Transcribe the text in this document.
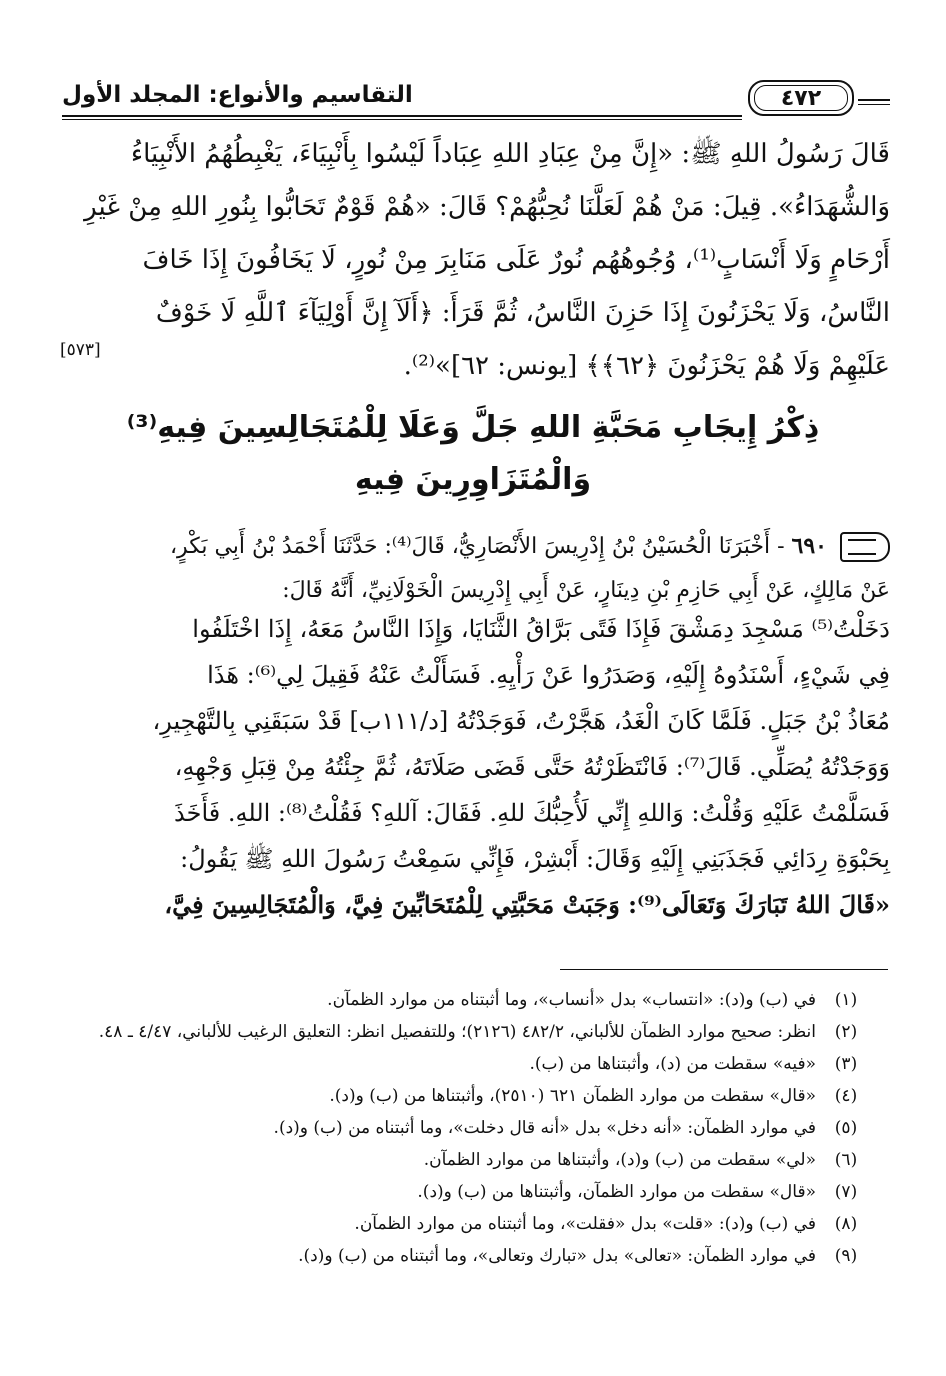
التقاسيم والأنواع: المجلد الأول	٤٧٢
قَالَ رَسُولُ اللهِ ﷺ: «إِنَّ مِنْ عِبَادِ اللهِ عِبَاداً لَيْسُوا بِأَنْبِيَاءَ، يَغْبِطُهُمُ الأَنْبِيَاءُ
وَالشُّهَدَاءُ». قِيلَ: مَنْ هُمْ لَعَلَّنَا نُحِبُّهُمْ؟ قَالَ: «هُمْ قَوْمٌ تَحَابُّوا بِنُورِ اللهِ مِنْ غَيْرِ
أَرْحَامٍ وَلَا أَنْسَابٍ⁽¹⁾، وُجُوهُهُم نُورٌ عَلَى مَنَابِرَ مِنْ نُورٍ، لَا يَخَافُونَ إِذَا خَافَ
النَّاسُ، وَلَا يَحْزَنُونَ إِذَا حَزِنَ النَّاسُ، ثُمَّ قَرَأَ: ﴿أَلَآ إِنَّ أَوْلِيَآءَ ٱللَّهِ لَا خَوْفٌ
عَلَيْهِمْ وَلَا هُمْ يَحْزَنُونَ ﴿٦٢﴾﴾ [يونس: ٦٢]»⁽²⁾.
[٥٧٣]
ذِكْرُ إِيجَابِ مَحَبَّةِ اللهِ جَلَّ وَعَلَا لِلْمُتَجَالِسِينَ فِيهِ⁽³⁾
وَالْمُتَزَاوِرِينَ فِيهِ
٦٩٠ - أَخْبَرَنَا الْحُسَيْنُ بْنُ إِدْرِيسَ الأَنْصَارِيُّ، قَالَ⁽⁴⁾: حَدَّثَنَا أَحْمَدُ بْنُ أَبِي بَكْرٍ،
عَنْ مَالِكٍ، عَنْ أَبِي حَازِمِ بْنِ دِينَارٍ، عَنْ أَبِي إِدْرِيسَ الْخَوْلَانِيِّ، أَنَّهُ قَالَ:
دَخَلْتُ⁽⁵⁾ مَسْجِدَ دِمَشْقَ فَإِذَا فَتًى بَرَّاقُ الثَّنَايَا، وَإِذَا النَّاسُ مَعَهُ، إِذَا اخْتَلَفُوا
فِي شَيْءٍ، أَسْنَدُوهُ إِلَيْهِ، وَصَدَرُوا عَنْ رَأْيِهِ. فَسَأَلْتُ عَنْهُ فَقِيلَ لِي⁽⁶⁾: هَذَا
مُعَاذُ بْنُ جَبَلٍ. فَلَمَّا كَانَ الْغَدُ، هَجَّرْتُ، فَوَجَدْتُهُ [د/١١١ب] قَدْ سَبَقَنِي بِالتَّهْجِيرِ،
وَوَجَدْتُهُ يُصَلِّي. قَالَ⁽⁷⁾: فَانْتَظَرْتُهُ حَتَّى قَضَى صَلَاتَهُ، ثُمَّ جِئْتُهُ مِنْ قِبَلِ وَجْهِهِ،
فَسَلَّمْتُ عَلَيْهِ وَقُلْتُ: وَاللهِ إِنِّي لَأُحِبُّكَ للهِ. فَقَالَ: آللهِ؟ فَقُلْتُ⁽⁸⁾: اللهِ. فَأَخَذَ
بِحَبْوَةِ رِدَائِي فَجَذَبَنِي إِلَيْهِ وَقَالَ: أَبْشِرْ، فَإِنِّي سَمِعْتُ رَسُولَ اللهِ ﷺ يَقُولُ:
«قَالَ اللهُ تَبَارَكَ وَتَعَالَى⁽⁹⁾: وَجَبَتْ مَحَبَّتِي لِلْمُتَحَابِّينَ فِيَّ، وَالْمُتَجَالِسِينَ فِيَّ،
(١)
في (ب) و(د): «انتساب» بدل «أنساب»، وما أثبتناه من موارد الظمآن.
(٢)
انظر: صحيح موارد الظمآن للألباني، ٤٨٢/٢ (٢١٢٦)؛ وللتفصيل انظر: التعليق الرغيب للألباني، ٤/٤٧ ـ ٤٨.
(٣)
«فيه» سقطت من (د)، وأثبتناها من (ب).
(٤)
«قال» سقطت من موارد الظمآن ٦٢١ (٢٥١٠)، وأثبتناها من (ب) و(د).
(٥)
في موارد الظمآن: «أنه دخل» بدل «أنه قال دخلت»، وما أثبتناه من (ب) و(د).
(٦)
«لي» سقطت من (ب) و(د)، وأثبتناها من موارد الظمآن.
(٧)
«قال» سقطت من موارد الظمآن، وأثبتناها من (ب) و(د).
(٨)
في (ب) و(د): «قلت» بدل «فقلت»، وما أثبتناه من موارد الظمآن.
(٩)
في موارد الظمآن: «تعالى» بدل «تبارك وتعالى»، وما أثبتناه من (ب) و(د).
